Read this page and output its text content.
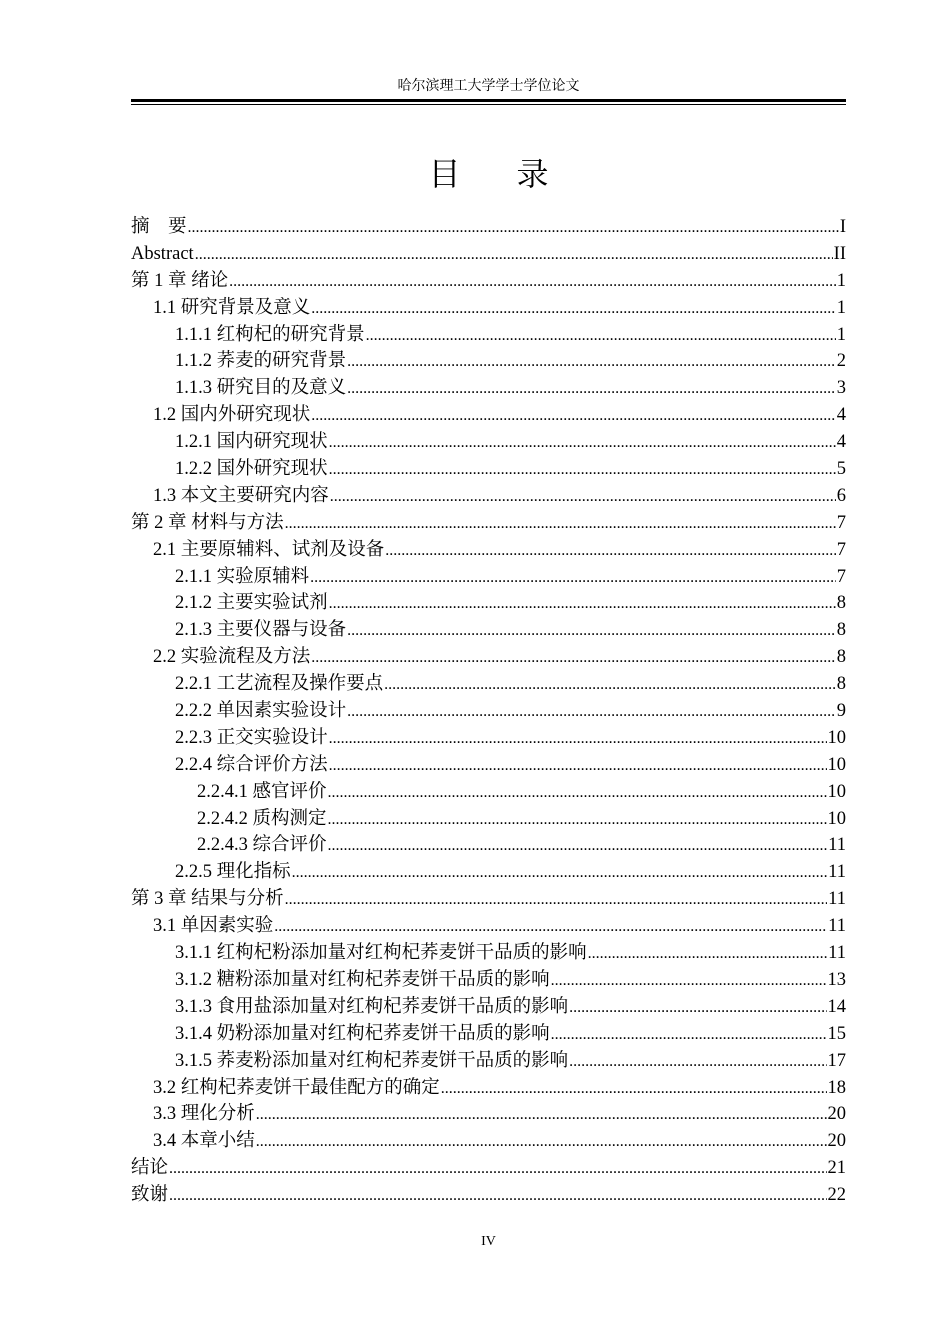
哈尔滨理工大学学士学位论文
目录
摘　要 .....	I
Abstract .....	II
第 1 章 绪论 .....	1
1.1 研究背景及意义 .....	1
1.1.1 红枸杞的研究背景 .....	1
1.1.2 荞麦的研究背景 .....	2
1.1.3 研究目的及意义 .....	3
1.2 国内外研究现状 .....	4
1.2.1 国内研究现状 .....	4
1.2.2 国外研究现状 .....	5
1.3 本文主要研究内容 .....	6
第 2 章 材料与方法 .....	7
2.1 主要原辅料、试剂及设备 .....	7
2.1.1 实验原辅料 .....	7
2.1.2 主要实验试剂 .....	8
2.1.3 主要仪器与设备 .....	8
2.2 实验流程及方法 .....	8
2.2.1 工艺流程及操作要点 .....	8
2.2.2 单因素实验设计 .....	9
2.2.3 正交实验设计 .....	10
2.2.4 综合评价方法 .....	10
2.2.4.1 感官评价 .....	10
2.2.4.2 质构测定 .....	10
2.2.4.3 综合评价 .....	11
2.2.5 理化指标 .....	11
第 3 章 结果与分析 .....	11
3.1 单因素实验 .....	11
3.1.1 红枸杞粉添加量对红枸杞荞麦饼干品质的影响 .....	11
3.1.2 糖粉添加量对红枸杞荞麦饼干品质的影响 .....	13
3.1.3 食用盐添加量对红枸杞荞麦饼干品质的影响 .....	14
3.1.4 奶粉添加量对红枸杞荞麦饼干品质的影响 .....	15
3.1.5 荞麦粉添加量对红枸杞荞麦饼干品质的影响 .....	17
3.2 红枸杞荞麦饼干最佳配方的确定 .....	18
3.3 理化分析 .....	20
3.4 本章小结 .....	20
结论 .....	21
致谢 .....	22
IV
